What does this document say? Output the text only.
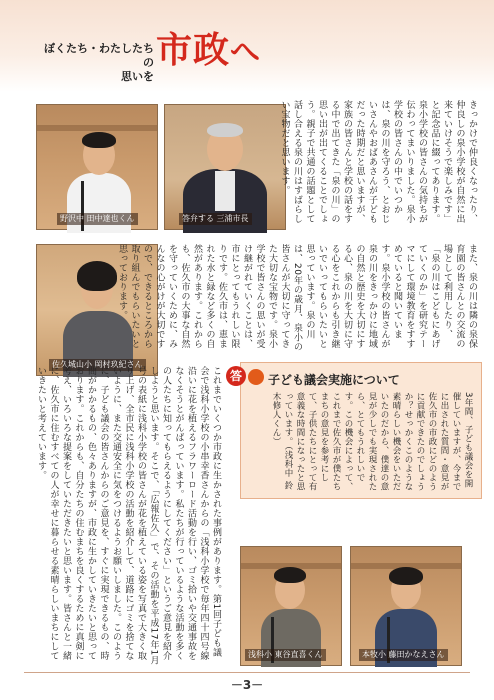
ぼくたち・わたしたちの
思いを
市政へ
野沢中 田中達也くん	答弁する 三浦市長
佐久城山小 岡村玖紀さん
浅科小 東谷直喜くん	本牧小 藤田かなえさん
きっかけで仲良くなったり、仲良しの泉小学校が自然に出来ていけそうで楽しみです」と記念品に綴ってあります。泉小学校の皆さんの気持ちが伝わってまいりました。泉小学校の皆さんの中でいつかは、泉の川を守ろう、とおじいさんやおばあさんが子どもだった時期だと思いますが、家族の皆さんと学校の話をする中で出てきた「泉の川」の思い出が出てくることでしょう。親子で共通の話題として話し合える泉の川はすばらしい宝物だと思います。
また、泉の川は隣の泉保育園の皆さんとの交流の場として利用したり、「泉の川はこどもにあげていくのか」を研究テーマにして環境教育をすすめていると聞いています。泉小学校の皆さんが泉の川をきっかけに地域の自然と歴史を大切にする心、泉の川を大切に守る心をこれからも引き継いでいってもらいたいと思っています。泉の川は、20年の歳月、泉小の皆さんが大切に守ってきた大切な宝物です。泉小学校で皆さんの思いが受け継がれていくことは、市にとってもうれしい限りです。佐久市は、恵まれた水と緑など多くの自然があります。これからも、佐久市の大事な自然を守っていくために、みんなの心がけが大切ですので、できるところから取り組んでもらいたいと思っております。
子ども議会実施について
3年間、子ども議会を開催していますが、今までに出された質問・意見が佐久市の市政にどのように貢献できたのでしょうか？せっかくこのような素晴らしい機会をいただいたのだから、僕達の意見が少しでも実現されたら、とてもうれしいです。この機会によって、これまで佐久市が僕たちまちの意見を参考にして、子供たちにとって有意義な時間になったと思っています。（浅科中 鈴木修人くん）
答
これまでいくつか市政に生かされた事例があります。第1回子ども議会で浅科小学校の小串幸香さんからの「浅科小学校で毎年四十四号線沿いに花を植えるフラワーロード活動を行い、ゴミ拾いや交通事故をなくそうとがんばっています。私たちが行っているような活動を多くの人たちに知ってもらえるようにしてください」というご意見を紹介しようと思います。そこで、「広報佐久」で、その活動を平成17年1月号の表紙に浅科小学校の皆さんが花を植えている姿を写真で大きく取り上げ、全市民に浅科小学校の活動を紹介して、道路にゴミを捨てないように、また交通安全に気をつけるようお願いしました。このように、子ども議会の皆さんからのご意見を、すぐに実現できるもの、時間がかかるもの、色々ありますが、市政に生かしていきたいと思っております。これからも、自分たちの住むまちを良くするために真剣に考え、いろいろな提案をしていただきたいと思います。皆さんと一緒に、佐久市に住むすべての人が幸せに暮らせる素晴らしいまちにしていきたいと考えています。
－3－
